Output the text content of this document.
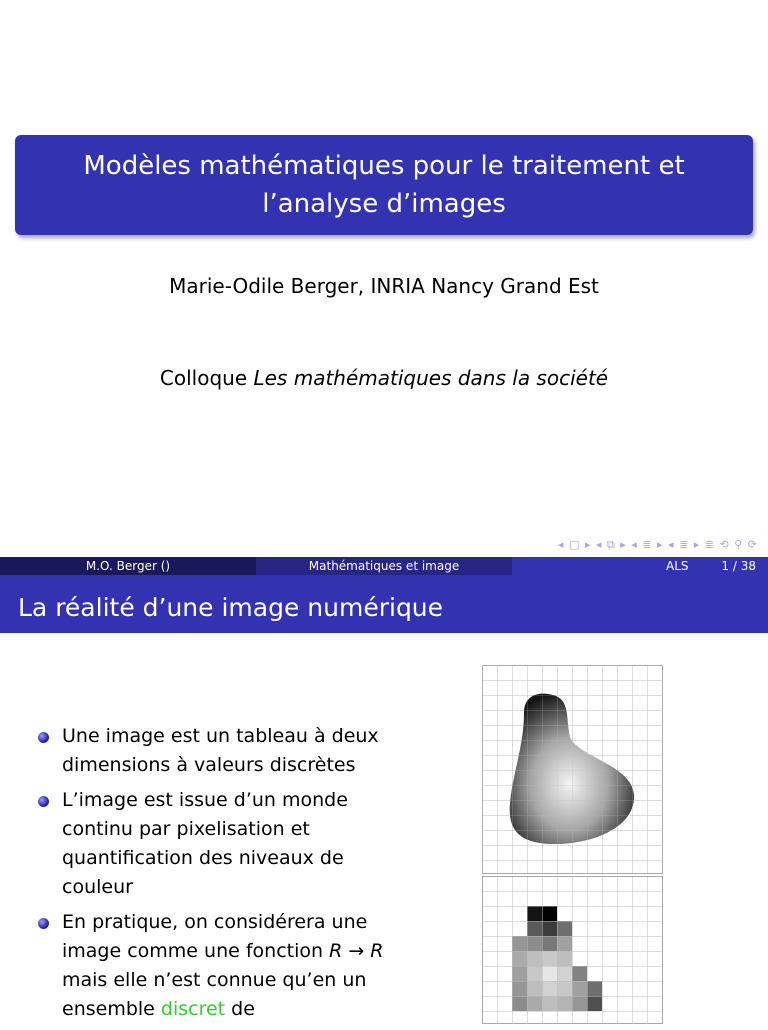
Modèles mathématiques pour le traitement et l’analyse d’images
Marie-Odile Berger, INRIA Nancy Grand Est
Colloque Les mathématiques dans la société
◂ □ ▸ ◂ ⧉ ▸ ◂ ≣ ▸ ◂ ≣ ▸ ≣ ⟲ ⚲ ⟳
M.O. Berger ()	Mathématiques et image	ALS	1 / 38
La réalité d’une image numérique
Une image est un tableau à deux dimensions à valeurs discrètes
L’image est issue d’un monde continu par pixelisation et quantification des niveaux de couleur
En pratique, on considérera une image comme une fonction R → R mais elle n’est connue qu’en un ensemble discret de
